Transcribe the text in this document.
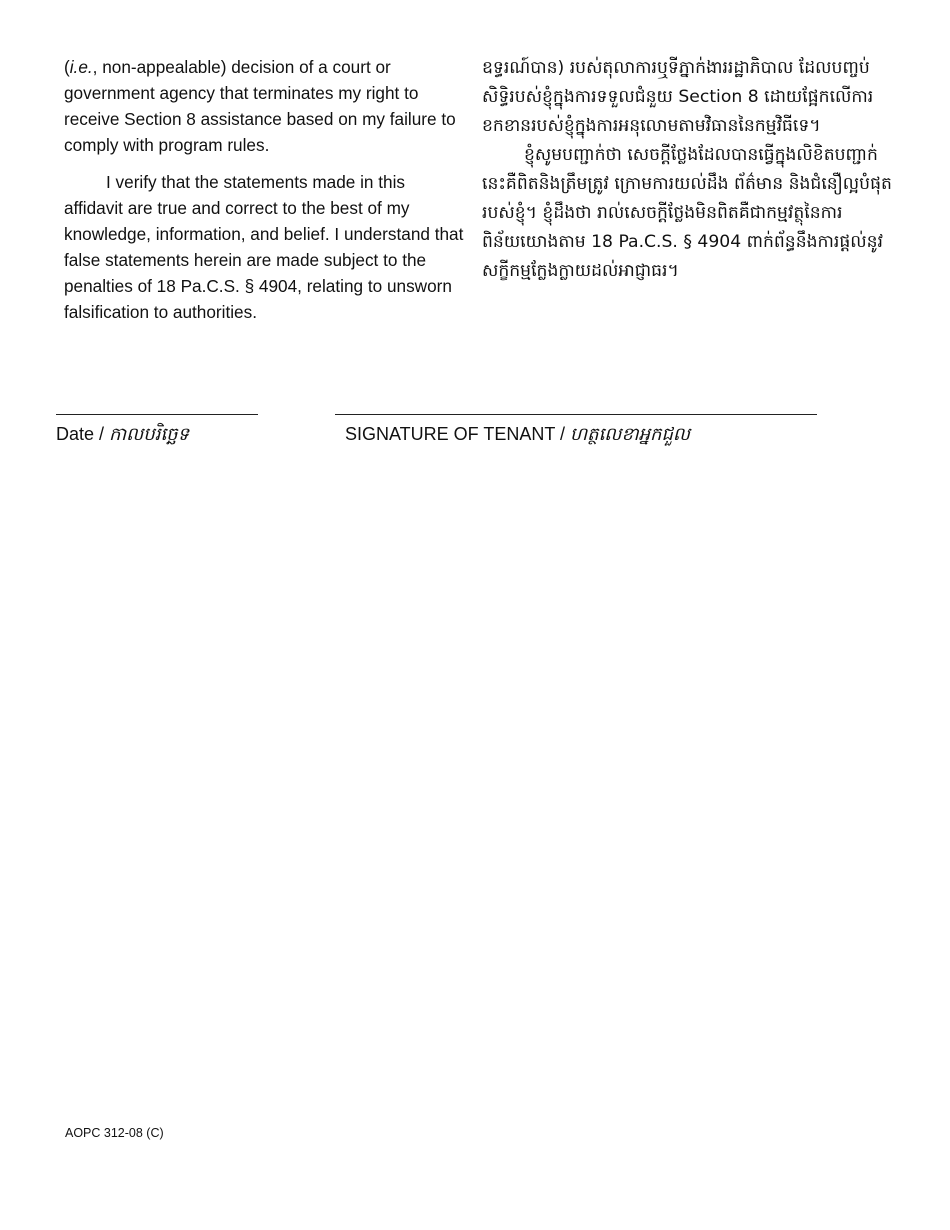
(i.e., non-appealable) decision of a court or government agency that terminates my right to receive Section 8 assistance based on my failure to comply with program rules.

I verify that the statements made in this affidavit are true and correct to the best of my knowledge, information, and belief. I understand that false statements herein are made subject to the penalties of 18 Pa.C.S. § 4904, relating to unsworn falsification to authorities.

ឧទ្ធរណ៍បាន) របស់តុលាការឬទីភ្នាក់ងាររដ្ឋាភិបាល ដែលបញ្ចប់សិទ្ធិរបស់ខ្ញុំក្នុងការទទួលជំនួយ Section 8 ដោយផ្អែកលើការខកខានរបស់ខ្ញុំក្នុងការអនុលោមតាមវិធាននៃកម្មវិធីទេ។

ខ្ញុំសូមបញ្ជាក់ថា សេចក្តីថ្លែងដែលបានធ្វើក្នុងលិខិតបញ្ជាក់នេះគឺពិតនិងត្រឹមត្រូវ ក្រោមការយល់ដឹង ព័ត៌មាន និងជំនឿល្អបំផុតរបស់ខ្ញុំ។ ខ្ញុំដឹងថា រាល់សេចក្តីថ្លែងមិនពិតគឺជាកម្មវត្ថុនៃការពិន័យយោងតាម 18 Pa.C.S. § 4904 ពាក់ព័ន្ធនឹងការផ្តល់នូវសក្ខីកម្មក្លែងក្លាយដល់អាជ្ញាធរ។

Date / កាលបរិច្ឆេទ	SIGNATURE OF TENANT / ហត្ថលេខាអ្នកជួល
AOPC 312-08 (C)
